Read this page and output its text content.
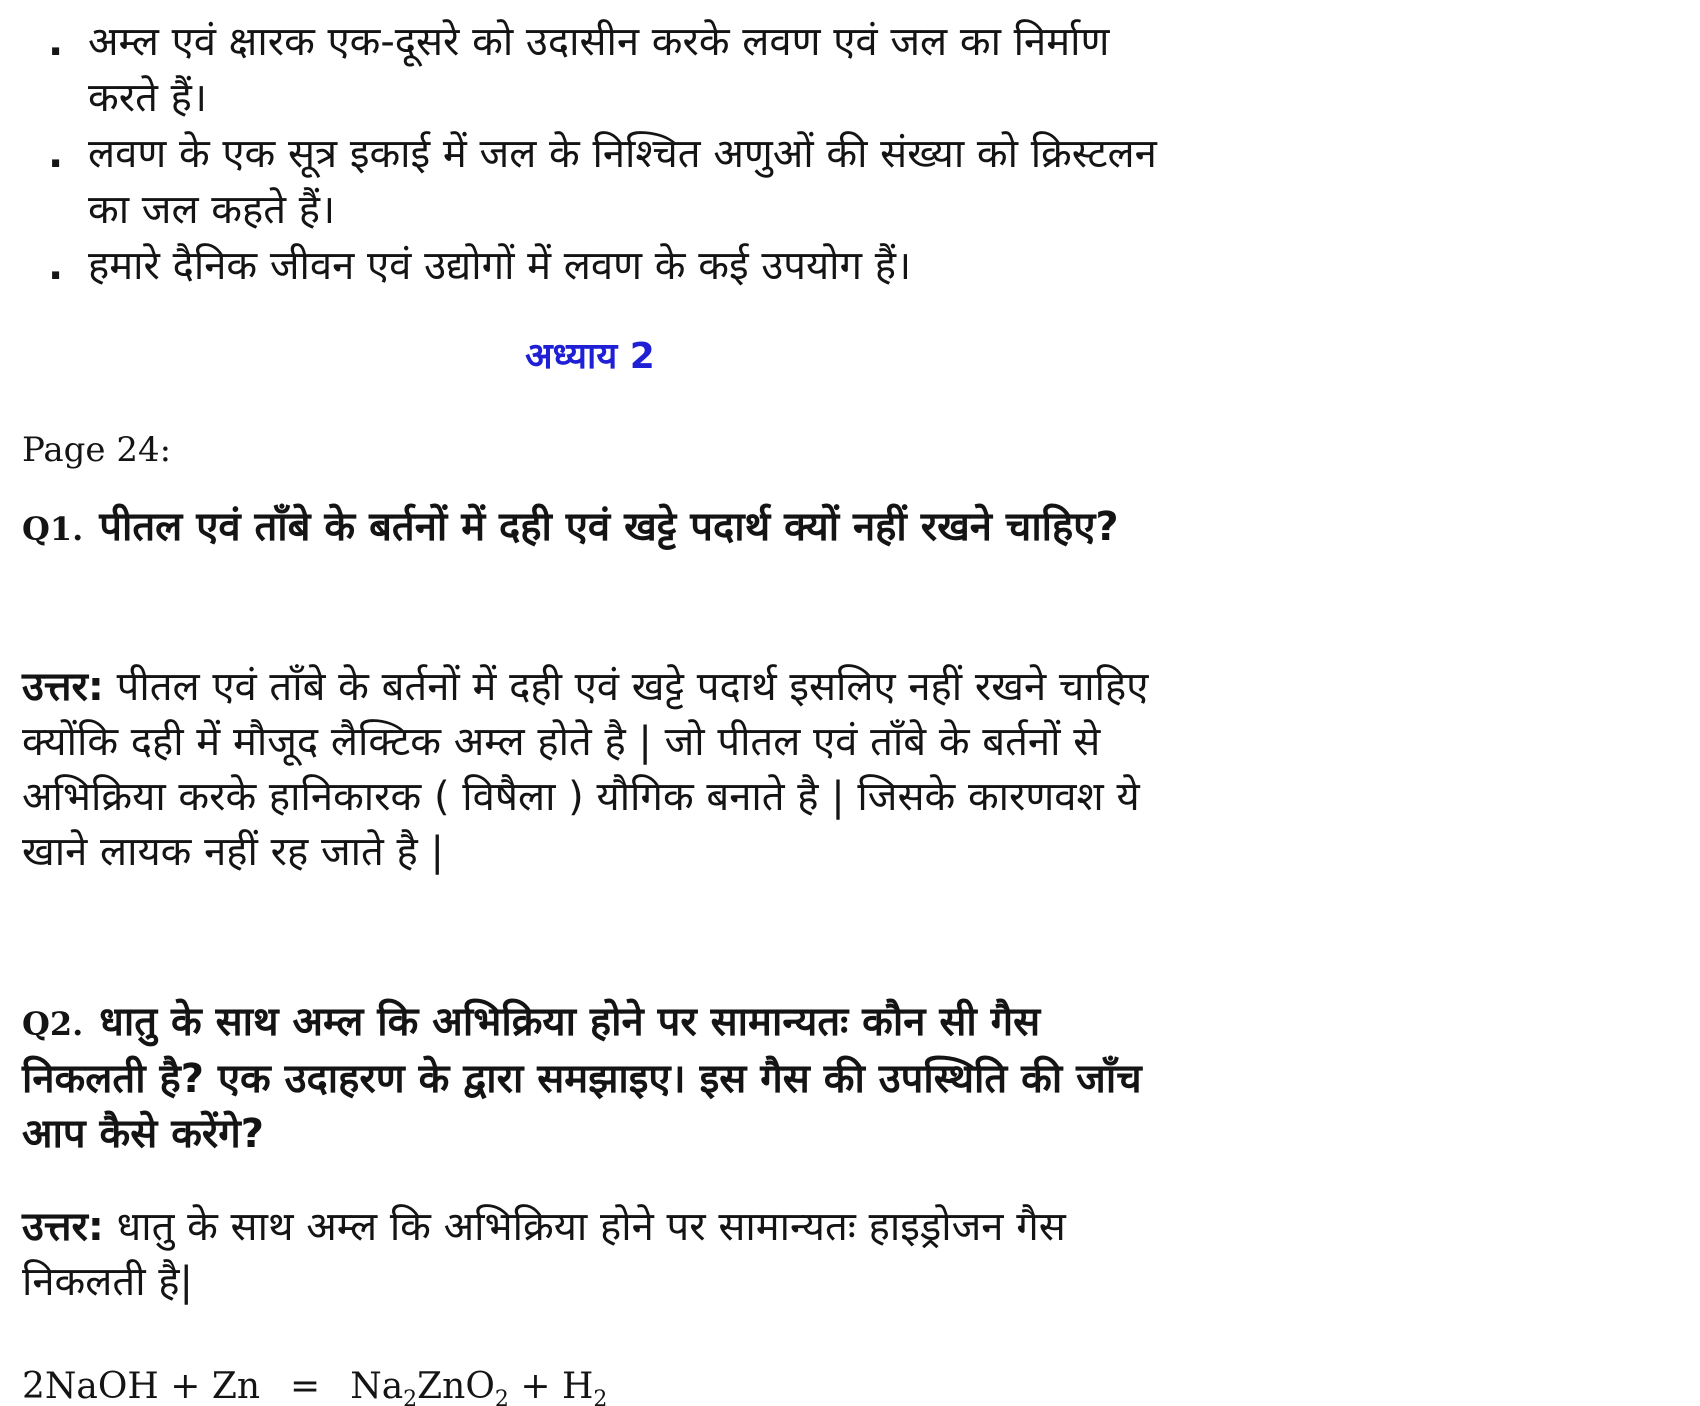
. अम्ल एवं क्षारक एक-दूसरे को उदासीन करके लवण एवं जल का निर्माण करते हैं।
. लवण के एक सूत्र इकाई में जल के निश्चित अणुओं की संख्या को क्रिस्टलन का जल कहते हैं।
. हमारे दैनिक जीवन एवं उद्योगों में लवण के कई उपयोग हैं।
अध्याय 2
Page 24:
Q1. पीतल एवं ताँबे के बर्तनों में दही एवं खट्टे पदार्थ क्यों नहीं रखने चाहिए?
उत्तर: पीतल एवं ताँबे के बर्तनों में दही एवं खट्टे पदार्थ इसलिए नहीं रखने चाहिए क्योंकि दही में मौजूद लैक्टिक अम्ल होते है | जो पीतल एवं ताँबे के बर्तनों से अभिक्रिया करके हानिकारक ( विषैला ) यौगिक बनाते है | जिसके कारणवश ये खाने लायक नहीं रह जाते है |
Q2. धातु के साथ अम्ल कि अभिक्रिया होने पर सामान्यतः कौन सी गैस निकलती है? एक उदाहरण के द्वारा समझाइए। इस गैस की उपस्थिति की जाँच आप कैसे करेंगे?
उत्तर: धातु के साथ अम्ल कि अभिक्रिया होने पर सामान्यतः हाइड्रोजन गैस निकलती है|
2NaOH + $Zn = Na_2ZnO_2 + H_2$
